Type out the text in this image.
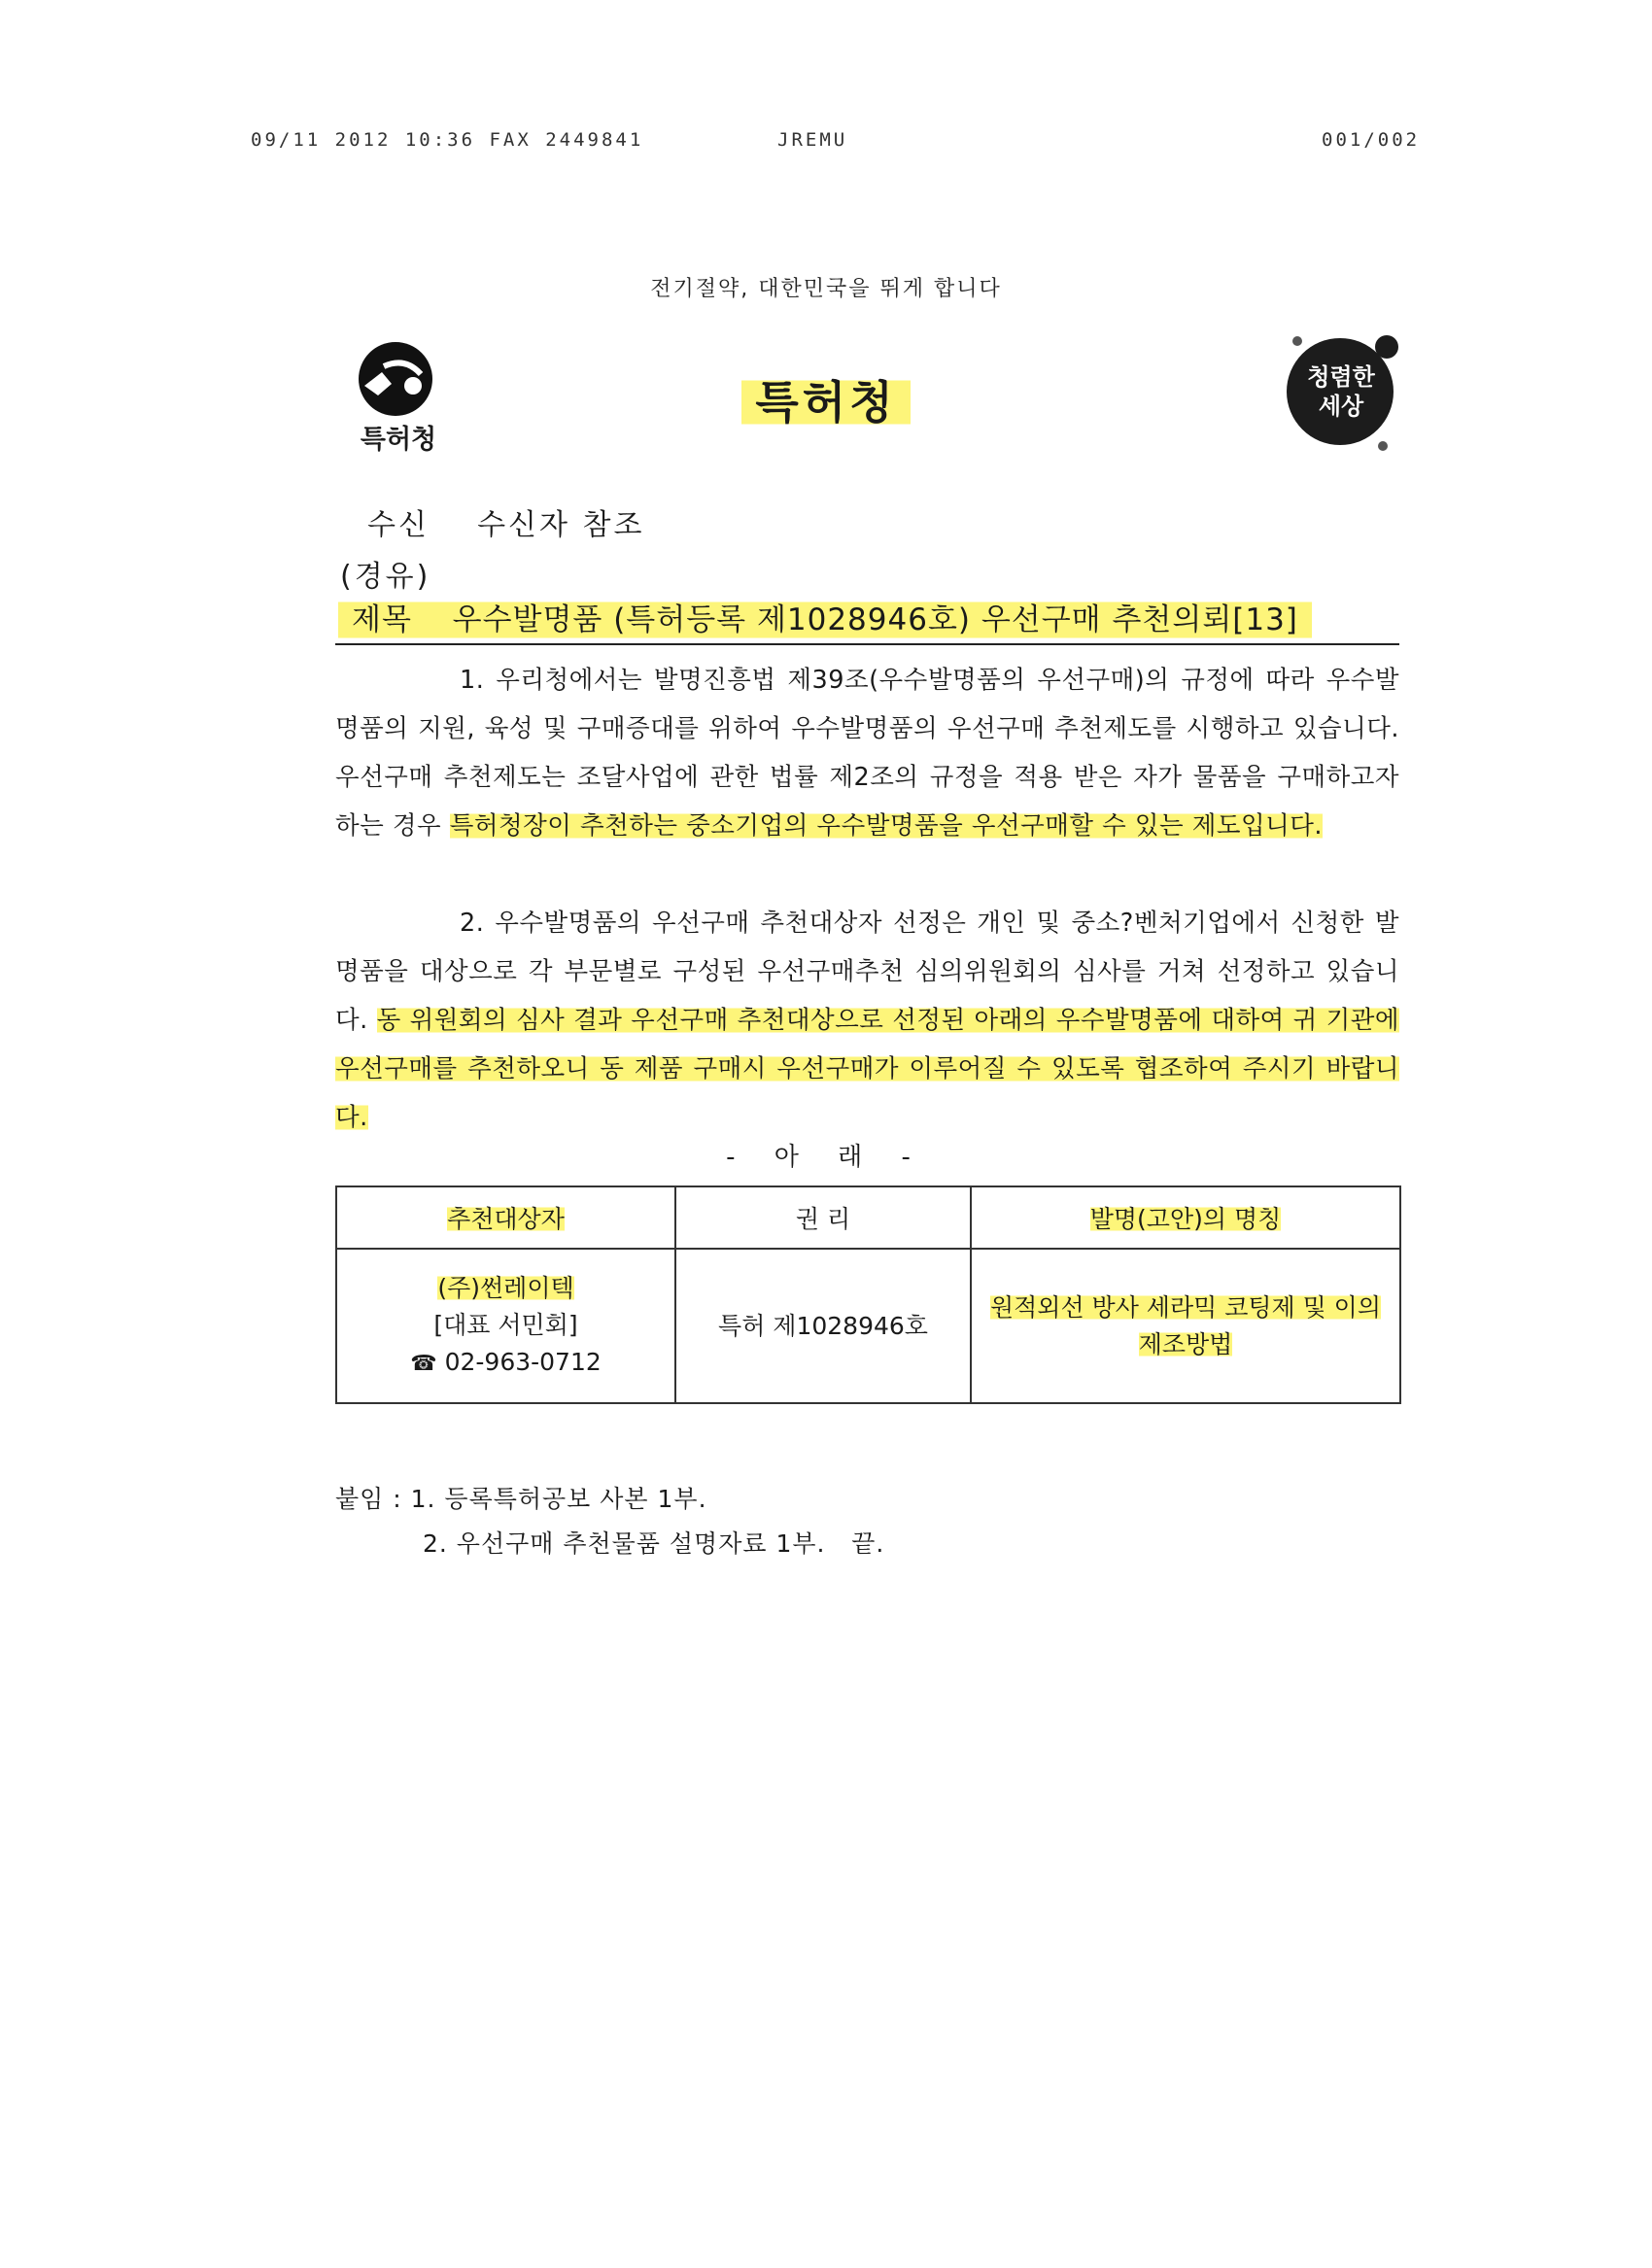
09/11 2012 10:36 FAX 2449841	JREMU	001/002
전기절약, 대한민국을 뛰게 합니다
특허청
특허청	청렴한
세상
수신 수신자 참조
(경유)
제목 우수발명품 (특허등록 제1028946호) 우선구매 추천의뢰[13]

1. 우리청에서는 발명진흥법 제39조(우수발명품의 우선구매)의 규정에 따라 우수발명품의 지원, 육성 및 구매증대를 위하여 우수발명품의 우선구매 추천제도를 시행하고 있습니다. 우선구매 추천제도는 조달사업에 관한 법률 제2조의 규정을 적용 받은 자가 물품을 구매하고자 하는 경우 특허청장이 추천하는 중소기업의 우수발명품을 우선구매할 수 있는 제도입니다.

2. 우수발명품의 우선구매 추천대상자 선정은 개인 및 중소?벤처기업에서 신청한 발명품을 대상으로 각 부문별로 구성된 우선구매추천 심의위원회의 심사를 거쳐 선정하고 있습니다. 동 위원회의 심사 결과 우선구매 추천대상으로 선정된 아래의 우수발명품에 대하여 귀 기관에 우선구매를 추천하오니 동 제품 구매시 우선구매가 이루어질 수 있도록 협조하여 주시기 바랍니다.

- 아 래 -
추천대상자	권 리	발명(고안)의 명칭

(주)썬레이텍
[대표 서민회]
☎ 02-963-0712	특허 제1028946호	원적외선 방사 세라믹 코팅제 및 이의 제조방법
붙임 : 1. 등록특허공보 사본 1부.
2. 우선구매 추천물품 설명자료 1부.   끝.
